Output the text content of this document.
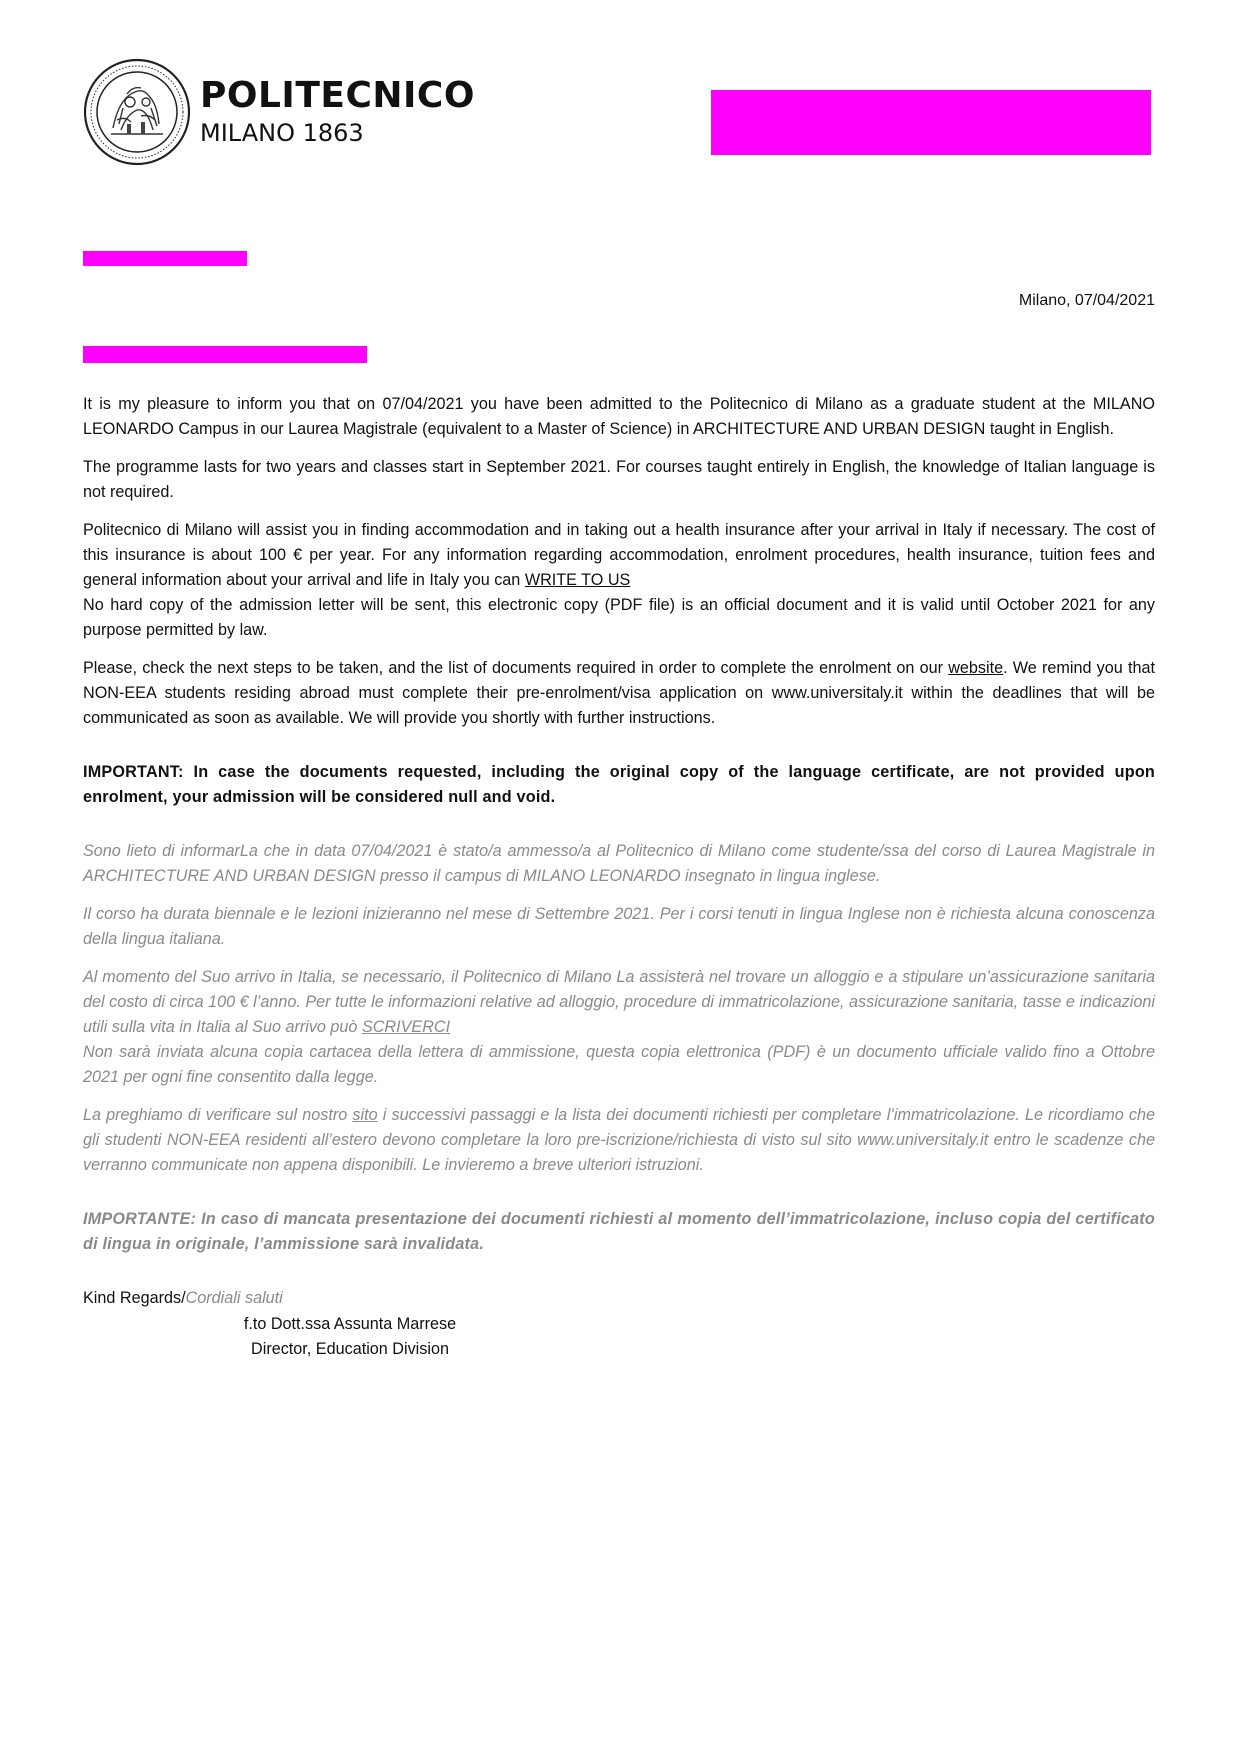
POLITECNICO
MILANO 1863
Milano, 07/04/2021

It is my pleasure to inform you that on 07/04/2021 you have been admitted to the Politecnico di Milano as a graduate student at the MILANO LEONARDO Campus in our Laurea Magistrale (equivalent to a Master of Science) in ARCHITECTURE AND URBAN DESIGN taught in English.

The programme lasts for two years and classes start in September 2021. For courses taught entirely in English, the knowledge of Italian language is not required.

Politecnico di Milano will assist you in finding accommodation and in taking out a health insurance after your arrival in Italy if necessary. The cost of this insurance is about 100 € per year. For any information regarding accommodation, enrolment procedures, health insurance, tuition fees and general information about your arrival and life in Italy you can WRITE TO US

No hard copy of the admission letter will be sent, this electronic copy (PDF file) is an official document and it is valid until October 2021 for any purpose permitted by law.

Please, check the next steps to be taken, and the list of documents required in order to complete the enrolment on our website. We remind you that NON-EEA students residing abroad must complete their pre-enrolment/visa application on www.universitaly.it within the deadlines that will be communicated as soon as available. We will provide you shortly with further instructions.

IMPORTANT: In case the documents requested, including the original copy of the language certificate, are not provided upon enrolment, your admission will be considered null and void.

Sono lieto di informarLa che in data 07/04/2021 è stato/a ammesso/a al Politecnico di Milano come studente/ssa del corso di Laurea Magistrale in ARCHITECTURE AND URBAN DESIGN presso il campus di MILANO LEONARDO insegnato in lingua inglese.

Il corso ha durata biennale e le lezioni inizieranno nel mese di Settembre 2021. Per i corsi tenuti in lingua Inglese non è richiesta alcuna conoscenza della lingua italiana.

Al momento del Suo arrivo in Italia, se necessario, il Politecnico di Milano La assisterà nel trovare un alloggio e a stipulare un’assicurazione sanitaria del costo di circa 100 € l’anno. Per tutte le informazioni relative ad alloggio, procedure di immatricolazione, assicurazione sanitaria, tasse e indicazioni utili sulla vita in Italia al Suo arrivo può SCRIVERCI

Non sarà inviata alcuna copia cartacea della lettera di ammissione, questa copia elettronica (PDF) è un documento ufficiale valido fino a Ottobre 2021 per ogni fine consentito dalla legge.

La preghiamo di verificare sul nostro sito i successivi passaggi e la lista dei documenti richiesti per completare l’immatricolazione. Le ricordiamo che gli studenti NON-EEA residenti all’estero devono completare la loro pre-iscrizione/richiesta di visto sul sito www.universitaly.it entro le scadenze che verranno communicate non appena disponibili. Le invieremo a breve ulteriori istruzioni.

IMPORTANTE: In caso di mancata presentazione dei documenti richiesti al momento dell’immatricolazione, incluso copia del certificato di lingua in originale, l’ammissione sarà invalidata.

Kind Regards/Cordiali saluti

f.to Dott.ssa Assunta Marrese
Director, Education Division
